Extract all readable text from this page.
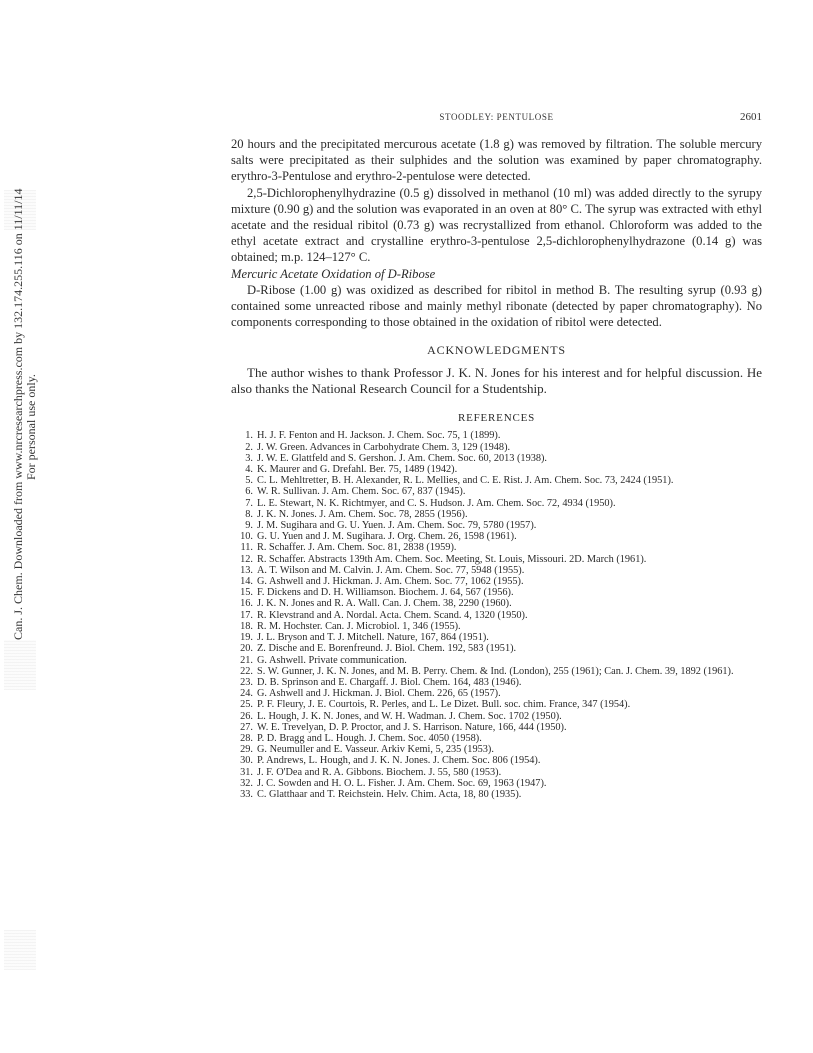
Can. J. Chem. Downloaded from www.nrcresearchpress.com by 132.174.255.116 on 11/11/14 For personal use only.
STOODLEY: PENTULOSE	2601

20 hours and the precipitated mercurous acetate (1.8 g) was removed by filtration. The soluble mercury salts were precipitated as their sulphides and the solution was examined by paper chromatography. erythro-3-Pentulose and erythro-2-pentulose were detected.

2,5-Dichlorophenylhydrazine (0.5 g) dissolved in methanol (10 ml) was added directly to the syrupy mixture (0.90 g) and the solution was evaporated in an oven at 80° C. The syrup was extracted with ethyl acetate and the residual ribitol (0.73 g) was recrystallized from ethanol. Chloroform was added to the ethyl acetate extract and crystalline erythro-3-pentulose 2,5-dichlorophenylhydrazone (0.14 g) was obtained; m.p. 124–127° C.

Mercuric Acetate Oxidation of D-Ribose

D-Ribose (1.00 g) was oxidized as described for ribitol in method B. The resulting syrup (0.93 g) contained some unreacted ribose and mainly methyl ribonate (detected by paper chromatography). No components corresponding to those obtained in the oxidation of ribitol were detected.

ACKNOWLEDGMENTS

The author wishes to thank Professor J. K. N. Jones for his interest and for helpful discussion. He also thanks the National Research Council for a Studentship.

REFERENCES
1. H. J. F. Fenton and H. Jackson. J. Chem. Soc. 75, 1 (1899).
2. J. W. Green. Advances in Carbohydrate Chem. 3, 129 (1948).
3. J. W. E. Glattfeld and S. Gershon. J. Am. Chem. Soc. 60, 2013 (1938).
4. K. Maurer and G. Drefahl. Ber. 75, 1489 (1942).
5. C. L. Mehltretter, B. H. Alexander, R. L. Mellies, and C. E. Rist. J. Am. Chem. Soc. 73, 2424 (1951).
6. W. R. Sullivan. J. Am. Chem. Soc. 67, 837 (1945).
7. L. E. Stewart, N. K. Richtmyer, and C. S. Hudson. J. Am. Chem. Soc. 72, 4934 (1950).
8. J. K. N. Jones. J. Am. Chem. Soc. 78, 2855 (1956).
9. J. M. Sugihara and G. U. Yuen. J. Am. Chem. Soc. 79, 5780 (1957).
10. G. U. Yuen and J. M. Sugihara. J. Org. Chem. 26, 1598 (1961).
11. R. Schaffer. J. Am. Chem. Soc. 81, 2838 (1959).
12. R. Schaffer. Abstracts 139th Am. Chem. Soc. Meeting, St. Louis, Missouri. 2D. March (1961).
13. A. T. Wilson and M. Calvin. J. Am. Chem. Soc. 77, 5948 (1955).
14. G. Ashwell and J. Hickman. J. Am. Chem. Soc. 77, 1062 (1955).
15. F. Dickens and D. H. Williamson. Biochem. J. 64, 567 (1956).
16. J. K. N. Jones and R. A. Wall. Can. J. Chem. 38, 2290 (1960).
17. R. Klevstrand and A. Nordal. Acta. Chem. Scand. 4, 1320 (1950).
18. R. M. Hochster. Can. J. Microbiol. 1, 346 (1955).
19. J. L. Bryson and T. J. Mitchell. Nature, 167, 864 (1951).
20. Z. Dische and E. Borenfreund. J. Biol. Chem. 192, 583 (1951).
21. G. Ashwell. Private communication.
22. S. W. Gunner, J. K. N. Jones, and M. B. Perry. Chem. & Ind. (London), 255 (1961); Can. J. Chem. 39, 1892 (1961).
23. D. B. Sprinson and E. Chargaff. J. Biol. Chem. 164, 483 (1946).
24. G. Ashwell and J. Hickman. J. Biol. Chem. 226, 65 (1957).
25. P. F. Fleury, J. E. Courtois, R. Perles, and L. Le Dizet. Bull. soc. chim. France, 347 (1954).
26. L. Hough, J. K. N. Jones, and W. H. Wadman. J. Chem. Soc. 1702 (1950).
27. W. E. Trevelyan, D. P. Proctor, and J. S. Harrison. Nature, 166, 444 (1950).
28. P. D. Bragg and L. Hough. J. Chem. Soc. 4050 (1958).
29. G. Neumuller and E. Vasseur. Arkiv Kemi, 5, 235 (1953).
30. P. Andrews, L. Hough, and J. K. N. Jones. J. Chem. Soc. 806 (1954).
31. J. F. O'Dea and R. A. Gibbons. Biochem. J. 55, 580 (1953).
32. J. C. Sowden and H. O. L. Fisher. J. Am. Chem. Soc. 69, 1963 (1947).
33. C. Glatthaar and T. Reichstein. Helv. Chim. Acta, 18, 80 (1935).
